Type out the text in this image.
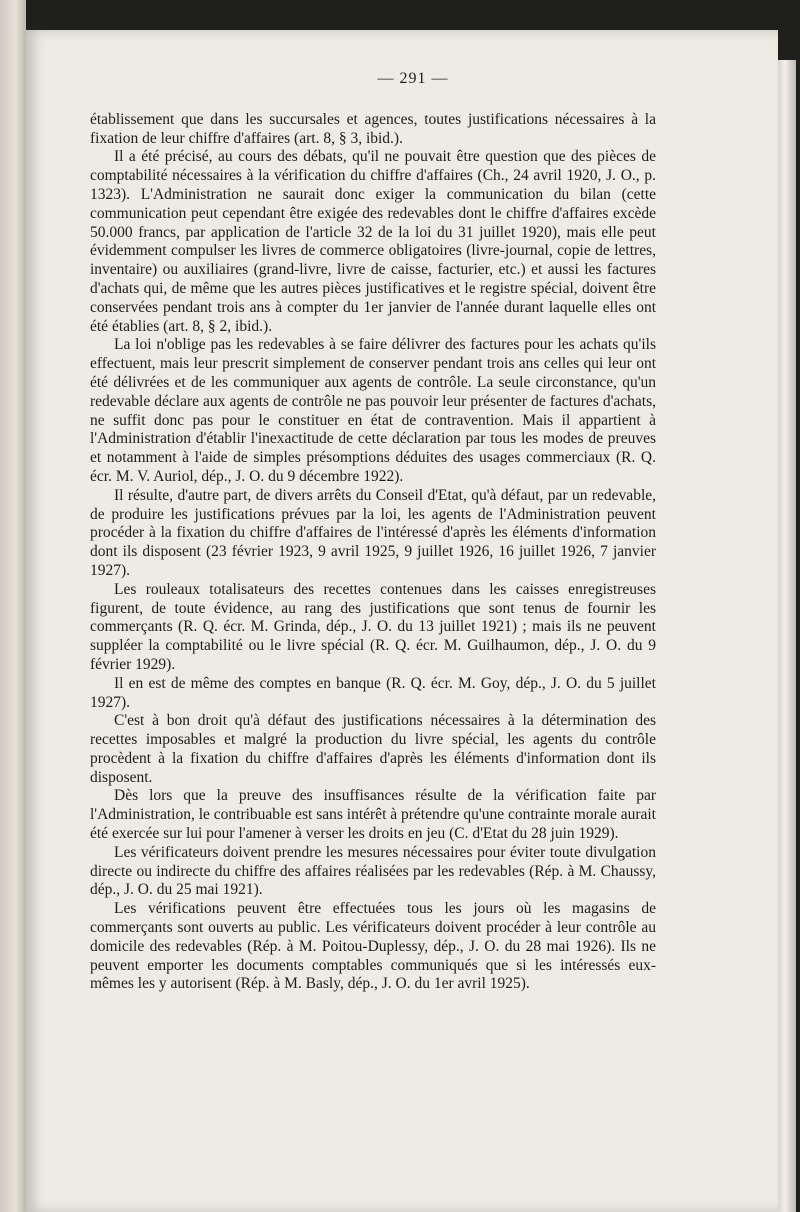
— 291 —

établissement que dans les succursales et agences, toutes justifications nécessaires à la fixation de leur chiffre d'affaires (art. 8, § 3, ibid.).

Il a été précisé, au cours des débats, qu'il ne pouvait être question que des pièces de comptabilité nécessaires à la vérification du chiffre d'affaires (Ch., 24 avril 1920, J. O., p. 1323). L'Administration ne saurait donc exiger la communication du bilan (cette communication peut cependant être exigée des redevables dont le chiffre d'affaires excède 50.000 francs, par application de l'article 32 de la loi du 31 juillet 1920), mais elle peut évidemment compulser les livres de commerce obligatoires (livre-journal, copie de lettres, inventaire) ou auxiliaires (grand-livre, livre de caisse, facturier, etc.) et aussi les factures d'achats qui, de même que les autres pièces justificatives et le registre spécial, doivent être conservées pendant trois ans à compter du 1er janvier de l'année durant laquelle elles ont été établies (art. 8, § 2, ibid.).

La loi n'oblige pas les redevables à se faire délivrer des factures pour les achats qu'ils effectuent, mais leur prescrit simplement de conserver pendant trois ans celles qui leur ont été délivrées et de les communiquer aux agents de contrôle. La seule circonstance, qu'un redevable déclare aux agents de contrôle ne pas pouvoir leur présenter de factures d'achats, ne suffit donc pas pour le constituer en état de contravention. Mais il appartient à l'Administration d'établir l'inexactitude de cette déclaration par tous les modes de preuves et notamment à l'aide de simples présomptions déduites des usages commerciaux (R. Q. écr. M. V. Auriol, dép., J. O. du 9 décembre 1922).

Il résulte, d'autre part, de divers arrêts du Conseil d'Etat, qu'à défaut, par un redevable, de produire les justifications prévues par la loi, les agents de l'Administration peuvent procéder à la fixation du chiffre d'affaires de l'intéressé d'après les éléments d'information dont ils disposent (23 février 1923, 9 avril 1925, 9 juillet 1926, 16 juillet 1926, 7 janvier 1927).

Les rouleaux totalisateurs des recettes contenues dans les caisses enregistreuses figurent, de toute évidence, au rang des justifications que sont tenus de fournir les commerçants (R. Q. écr. M. Grinda, dép., J. O. du 13 juillet 1921) ; mais ils ne peuvent suppléer la comptabilité ou le livre spécial (R. Q. écr. M. Guilhaumon, dép., J. O. du 9 février 1929).

Il en est de même des comptes en banque (R. Q. écr. M. Goy, dép., J. O. du 5 juillet 1927).

C'est à bon droit qu'à défaut des justifications nécessaires à la détermination des recettes imposables et malgré la production du livre spécial, les agents du contrôle procèdent à la fixation du chiffre d'affaires d'après les éléments d'information dont ils disposent.

Dès lors que la preuve des insuffisances résulte de la vérification faite par l'Administration, le contribuable est sans intérêt à prétendre qu'une contrainte morale aurait été exercée sur lui pour l'amener à verser les droits en jeu (C. d'Etat du 28 juin 1929).

Les vérificateurs doivent prendre les mesures nécessaires pour éviter toute divulgation directe ou indirecte du chiffre des affaires réalisées par les redevables (Rép. à M. Chaussy, dép., J. O. du 25 mai 1921).

Les vérifications peuvent être effectuées tous les jours où les magasins de commerçants sont ouverts au public. Les vérificateurs doivent procéder à leur contrôle au domicile des redevables (Rép. à M. Poitou-Duplessy, dép., J. O. du 28 mai 1926). Ils ne peuvent emporter les documents comptables communiqués que si les intéressés eux-mêmes les y autorisent (Rép. à M. Basly, dép., J. O. du 1er avril 1925).
